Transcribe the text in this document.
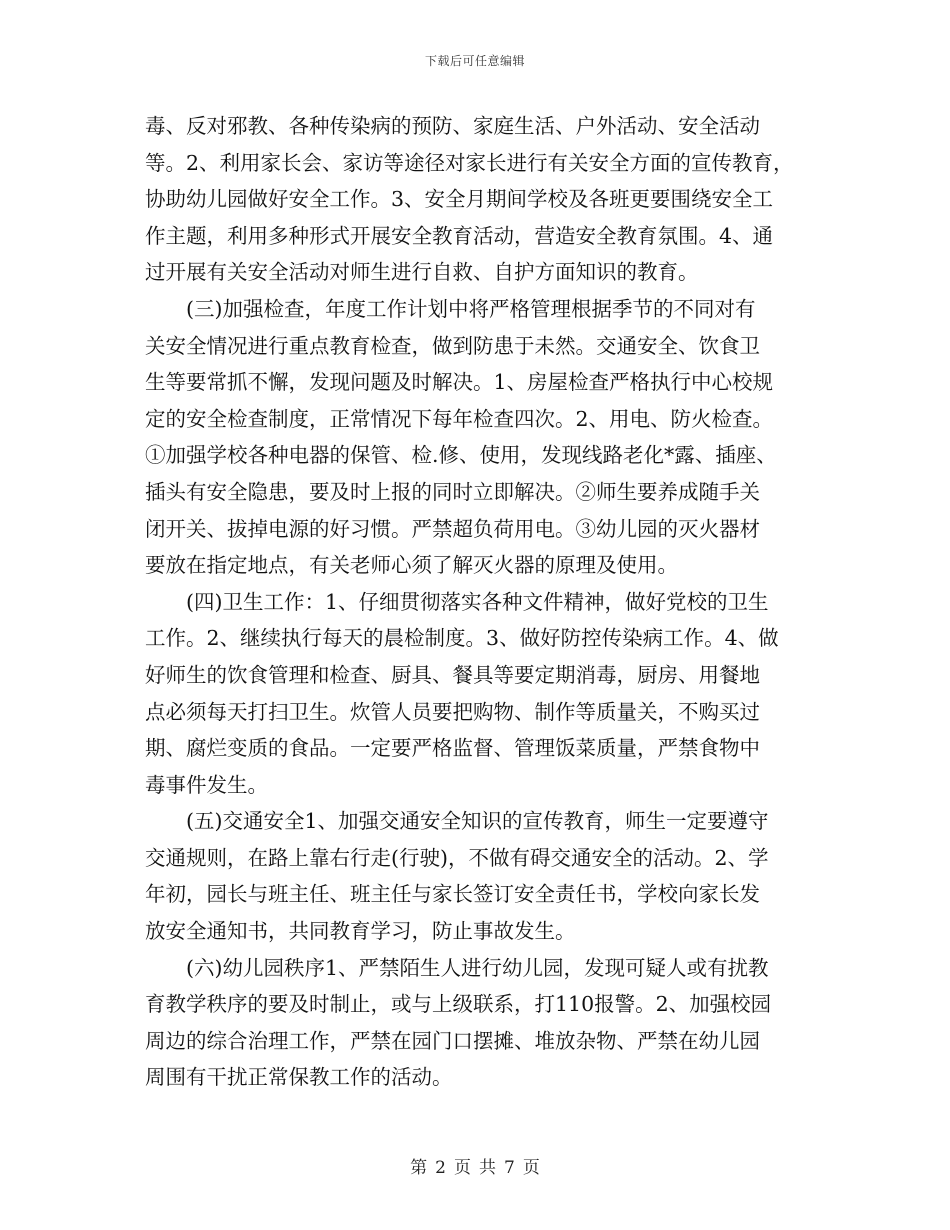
下载后可任意编辑
毒、反对邪教、各种传染病的预防、家庭生活、户外活动、安全活动
等。2、利用家长会、家访等途径对家长进行有关安全方面的宣传教育，
协助幼儿园做好安全工作。3、安全月期间学校及各班更要围绕安全工
作主题，利用多种形式开展安全教育活动，营造安全教育氛围。4、通
过开展有关安全活动对师生进行自救、自护方面知识的教育。
(三)加强检查，年度工作计划中将严格管理根据季节的不同对有
关安全情况进行重点教育检查，做到防患于未然。交通安全、饮食卫
生等要常抓不懈，发现问题及时解决。1、房屋检查严格执行中心校规
定的安全检查制度，正常情况下每年检查四次。2、用电、防火检查。
①加强学校各种电器的保管、检.修、使用，发现线路老化*露、插座、
插头有安全隐患，要及时上报的同时立即解决。②师生要养成随手关
闭开关、拔掉电源的好习惯。严禁超负荷用电。③幼儿园的灭火器材
要放在指定地点，有关老师心须了解灭火器的原理及使用。
(四)卫生工作：1、仔细贯彻落实各种文件精神，做好党校的卫生
工作。2、继续执行每天的晨检制度。3、做好防控传染病工作。4、做
好师生的饮食管理和检查、厨具、餐具等要定期消毒，厨房、用餐地
点必须每天打扫卫生。炊管人员要把购物、制作等质量关，不购买过
期、腐烂变质的食品。一定要严格监督、管理饭菜质量，严禁食物中
毒事件发生。
(五)交通安全1、加强交通安全知识的宣传教育，师生一定要遵守
交通规则，在路上靠右行走(行驶)，不做有碍交通安全的活动。2、学
年初，园长与班主任、班主任与家长签订安全责任书，学校向家长发
放安全通知书，共同教育学习，防止事故发生。
(六)幼儿园秩序1、严禁陌生人进行幼儿园，发现可疑人或有扰教
育教学秩序的要及时制止，或与上级联系，打110报警。2、加强校园
周边的综合治理工作，严禁在园门口摆摊、堆放杂物、严禁在幼儿园
周围有干扰正常保教工作的活动。
第 2 页 共 7 页
